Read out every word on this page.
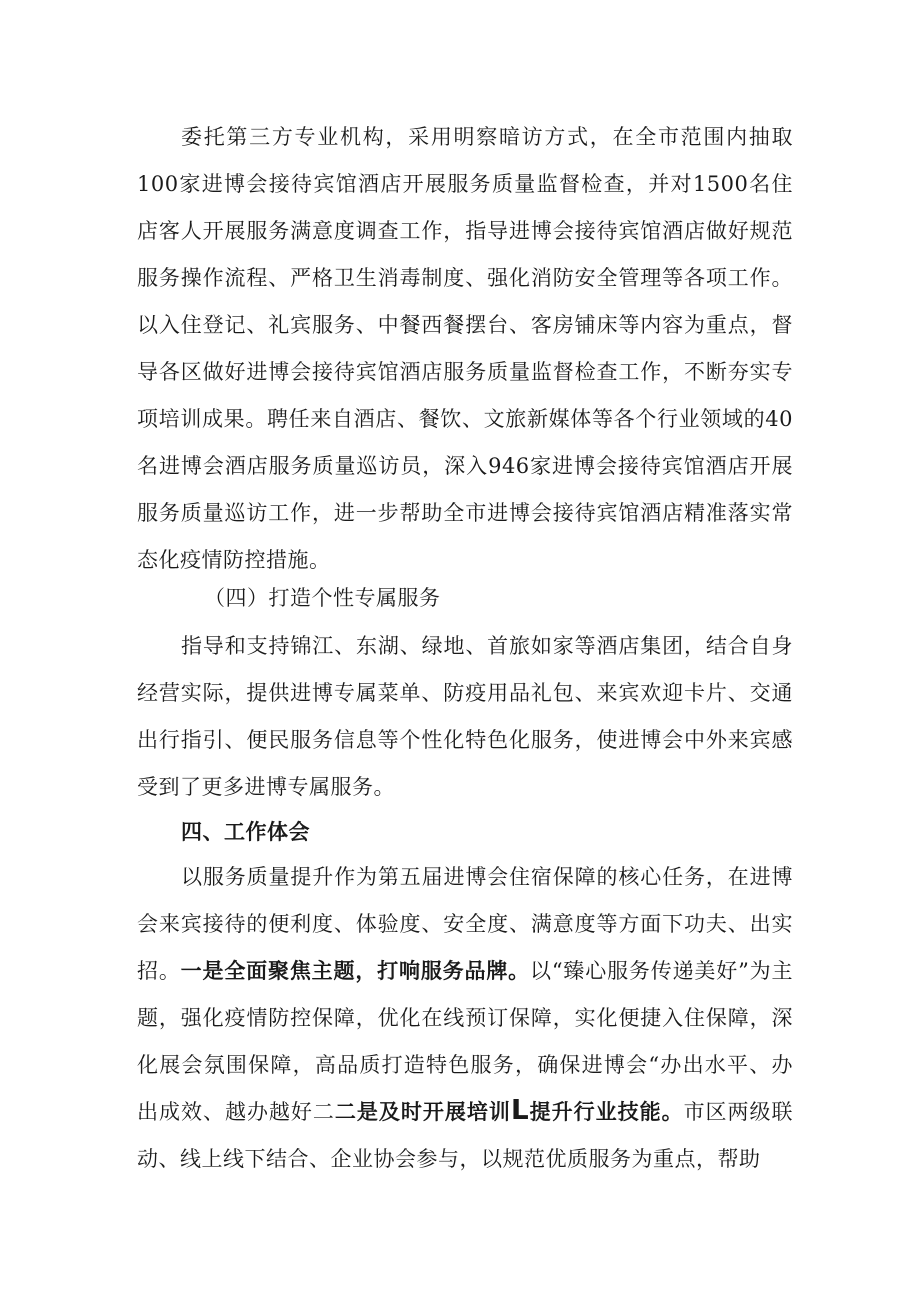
委托第三方专业机构，采用明察暗访方式，在全市范围内抽取100家进博会接待宾馆酒店开展服务质量监督检查，并对1500名住店客人开展服务满意度调查工作，指导进博会接待宾馆酒店做好规范服务操作流程、严格卫生消毒制度、强化消防安全管理等各项工作。以入住登记、礼宾服务、中餐西餐摆台、客房铺床等内容为重点，督导各区做好进博会接待宾馆酒店服务质量监督检查工作，不断夯实专项培训成果。聘任来自酒店、餐饮、文旅新媒体等各个行业领域的40名进博会酒店服务质量巡访员，深入946家进博会接待宾馆酒店开展服务质量巡访工作，进一步帮助全市进博会接待宾馆酒店精准落实常态化疫情防控措施。

（四）打造个性专属服务

指导和支持锦江、东湖、绿地、首旅如家等酒店集团，结合自身经营实际，提供进博专属菜单、防疫用品礼包、来宾欢迎卡片、交通出行指引、便民服务信息等个性化特色化服务，使进博会中外来宾感受到了更多进博专属服务。

四、工作体会

以服务质量提升作为第五届进博会住宿保障的核心任务，在进博会来宾接待的便利度、体验度、安全度、满意度等方面下功夫、出实招。一是全面聚焦主题，打响服务品牌。以“臻心服务传递美好”为主题，强化疫情防控保障，优化在线预订保障，实化便捷入住保障，深化展会氛围保障，高品质打造特色服务，确保进博会“办出水平、办出成效、越办越好二二是及时开展培训L提升行业技能。市区两级联动、线上线下结合、企业协会参与，以规范优质服务为重点，帮助
